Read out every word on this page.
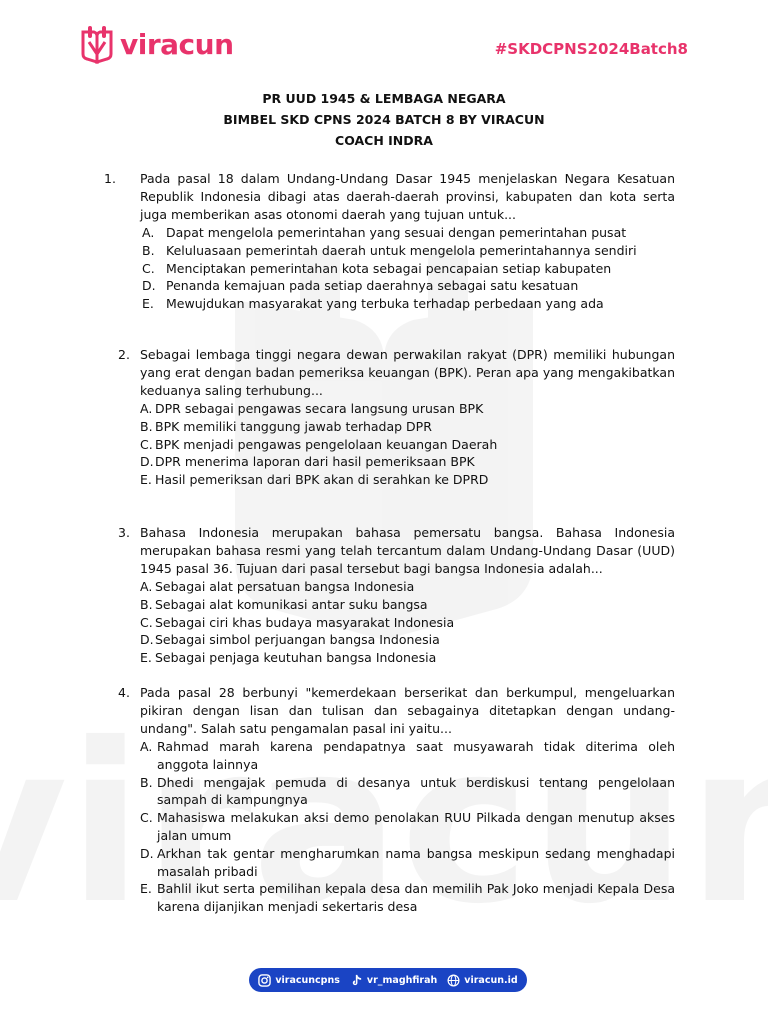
viracun	#SKDCPNS2024Batch8
PR UUD 1945 & LEMBAGA NEGARA
BIMBEL SKD CPNS 2024 BATCH 8 BY VIRACUN
COACH INDRA
1. Pada pasal 18 dalam Undang-Undang Dasar 1945 menjelaskan Negara Kesatuan Republik Indonesia dibagi atas daerah-daerah provinsi, kabupaten dan kota serta juga memberikan asas otonomi daerah yang tujuan untuk...
A. Dapat mengelola pemerintahan yang sesuai dengan pemerintahan pusat
B. Keluluasaan pemerintah daerah untuk mengelola pemerintahannya sendiri
C. Menciptakan pemerintahan kota sebagai pencapaian setiap kabupaten
D. Penanda kemajuan pada setiap daerahnya sebagai satu kesatuan
E. Mewujdukan masyarakat yang terbuka terhadap perbedaan yang ada
2. Sebagai lembaga tinggi negara dewan perwakilan rakyat (DPR) memiliki hubungan yang erat dengan badan pemeriksa keuangan (BPK). Peran apa yang mengakibatkan keduanya saling terhubung...
A. DPR sebagai pengawas secara langsung urusan BPK
B. BPK memiliki tanggung jawab terhadap DPR
C. BPK menjadi pengawas pengelolaan keuangan Daerah
D. DPR menerima laporan dari hasil pemeriksaan BPK
E. Hasil pemeriksan dari BPK akan di serahkan ke DPRD
3. Bahasa Indonesia merupakan bahasa pemersatu bangsa. Bahasa Indonesia merupakan bahasa resmi yang telah tercantum dalam Undang-Undang Dasar (UUD) 1945 pasal 36. Tujuan dari pasal tersebut bagi bangsa Indonesia adalah...
A. Sebagai alat persatuan bangsa Indonesia
B. Sebagai alat komunikasi antar suku bangsa
C. Sebagai ciri khas budaya masyarakat Indonesia
D. Sebagai simbol perjuangan bangsa Indonesia
E. Sebagai penjaga keutuhan bangsa Indonesia
4. Pada pasal 28 berbunyi "kemerdekaan berserikat dan berkumpul, mengeluarkan pikiran dengan lisan dan tulisan dan sebagainya ditetapkan dengan undang-undang". Salah satu pengamalan pasal ini yaitu...
A. Rahmad marah karena pendapatnya saat musyawarah tidak diterima oleh anggota lainnya
B. Dhedi mengajak pemuda di desanya untuk berdiskusi tentang pengelolaan sampah di kampungnya
C. Mahasiswa melakukan aksi demo penolakan RUU Pilkada dengan menutup akses jalan umum
D. Arkhan tak gentar mengharumkan nama bangsa meskipun sedang menghadapi masalah pribadi
E. Bahlil ikut serta pemilihan kepala desa dan memilih Pak Joko menjadi Kepala Desa karena dijanjikan menjadi sekertaris desa
viracuncpns	vr_maghfirah	viracun.id
